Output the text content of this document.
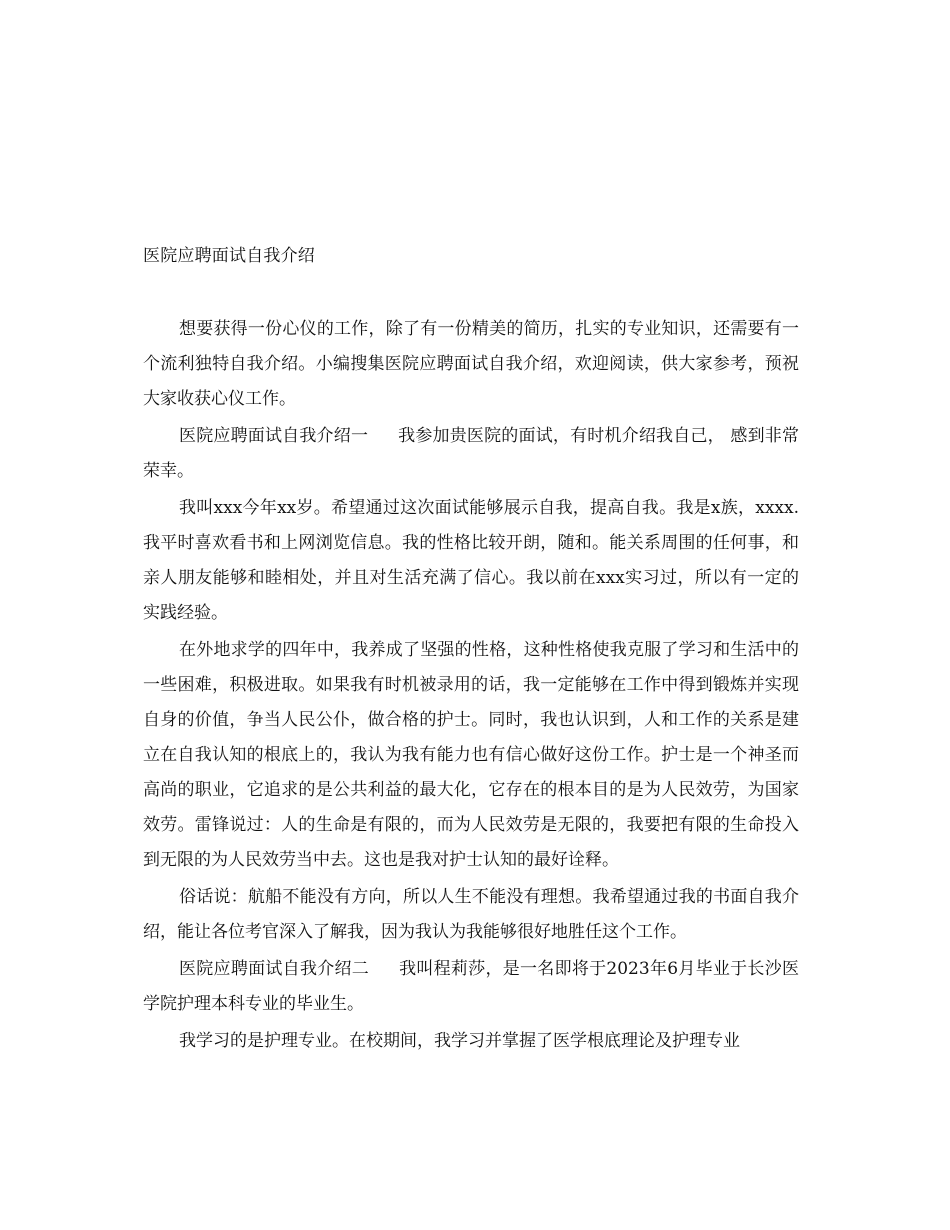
医院应聘面试自我介绍

想要获得一份心仪的工作，除了有一份精美的简历，扎实的专业知识，还需要有一个流利独特自我介绍。小编搜集医院应聘面试自我介绍，欢迎阅读，供大家参考，预祝大家收获心仪工作。

医院应聘面试自我介绍一 我参加贵医院的面试，有时机介绍我自己， 感到非常荣幸。

我叫xxx今年xx岁。希望通过这次面试能够展示自我，提高自我。我是x族，xxxx.我平时喜欢看书和上网浏览信息。我的性格比较开朗，随和。能关系周围的任何事，和亲人朋友能够和睦相处，并且对生活充满了信心。我以前在xxx实习过，所以有一定的实践经验。

在外地求学的四年中，我养成了坚强的性格，这种性格使我克服了学习和生活中的一些困难，积极进取。如果我有时机被录用的话，我一定能够在工作中得到锻炼并实现自身的价值，争当人民公仆，做合格的护士。同时，我也认识到，人和工作的关系是建立在自我认知的根底上的，我认为我有能力也有信心做好这份工作。护士是一个神圣而高尚的职业，它追求的是公共利益的最大化，它存在的根本目的是为人民效劳，为国家效劳。雷锋说过：人的生命是有限的，而为人民效劳是无限的，我要把有限的生命投入到无限的为人民效劳当中去。这也是我对护士认知的最好诠释。

俗话说：航船不能没有方向，所以人生不能没有理想。我希望通过我的书面自我介绍，能让各位考官深入了解我，因为我认为我能够很好地胜任这个工作。

医院应聘面试自我介绍二 我叫程莉莎，是一名即将于2023年6月毕业于长沙医学院护理本科专业的毕业生。

我学习的是护理专业。在校期间，我学习并掌握了医学根底理论及护理专业
